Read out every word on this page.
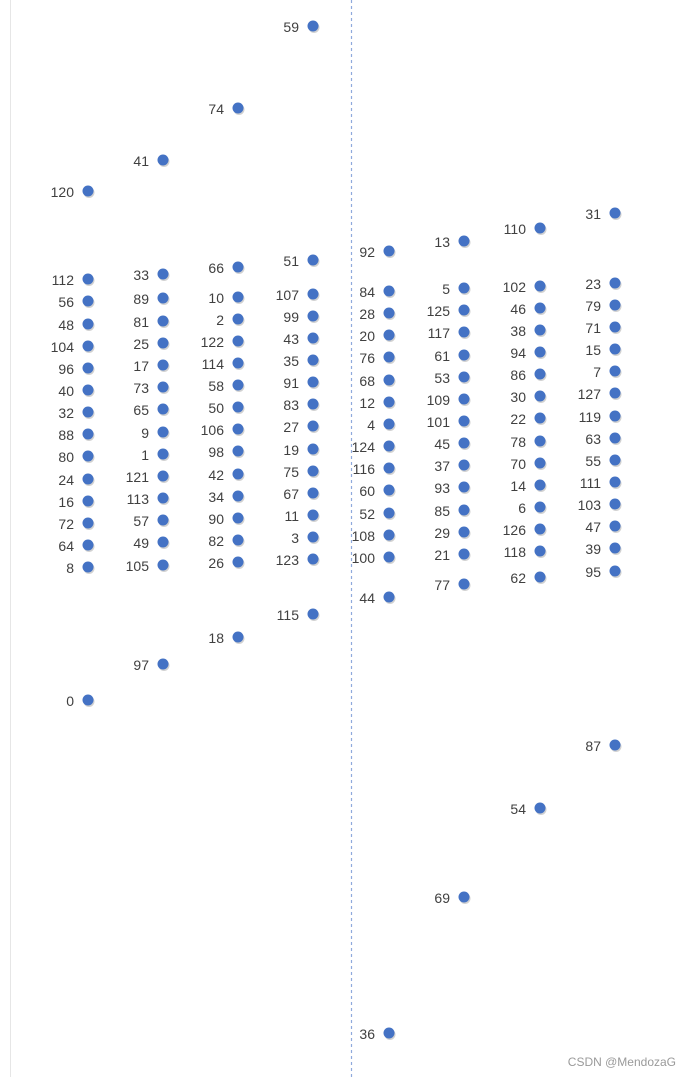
120
112
56
48
104
96
40
32
88
80
24
16
72
64
8
0
41
33
89
81
25
17
73
65
9
1
121
113
57
49
105
97
74
66
10
2
122
114
58
50
106
98
42
34
90
82
26
18
59
51
107
99
43
35
91
83
27
19
75
67
11
3
123
115
92
84
28
20
76
68
12
4
124
116
60
52
108
100
44
36
13
5
125
117
61
53
109
101
45
37
93
85
29
21
77
69
110
102
46
38
94
86
30
22
78
70
14
6
126
118
62
54
31
23
79
71
15
7
127
119
63
55
111
103
47
39
95
87
CSDN @MendozaG
